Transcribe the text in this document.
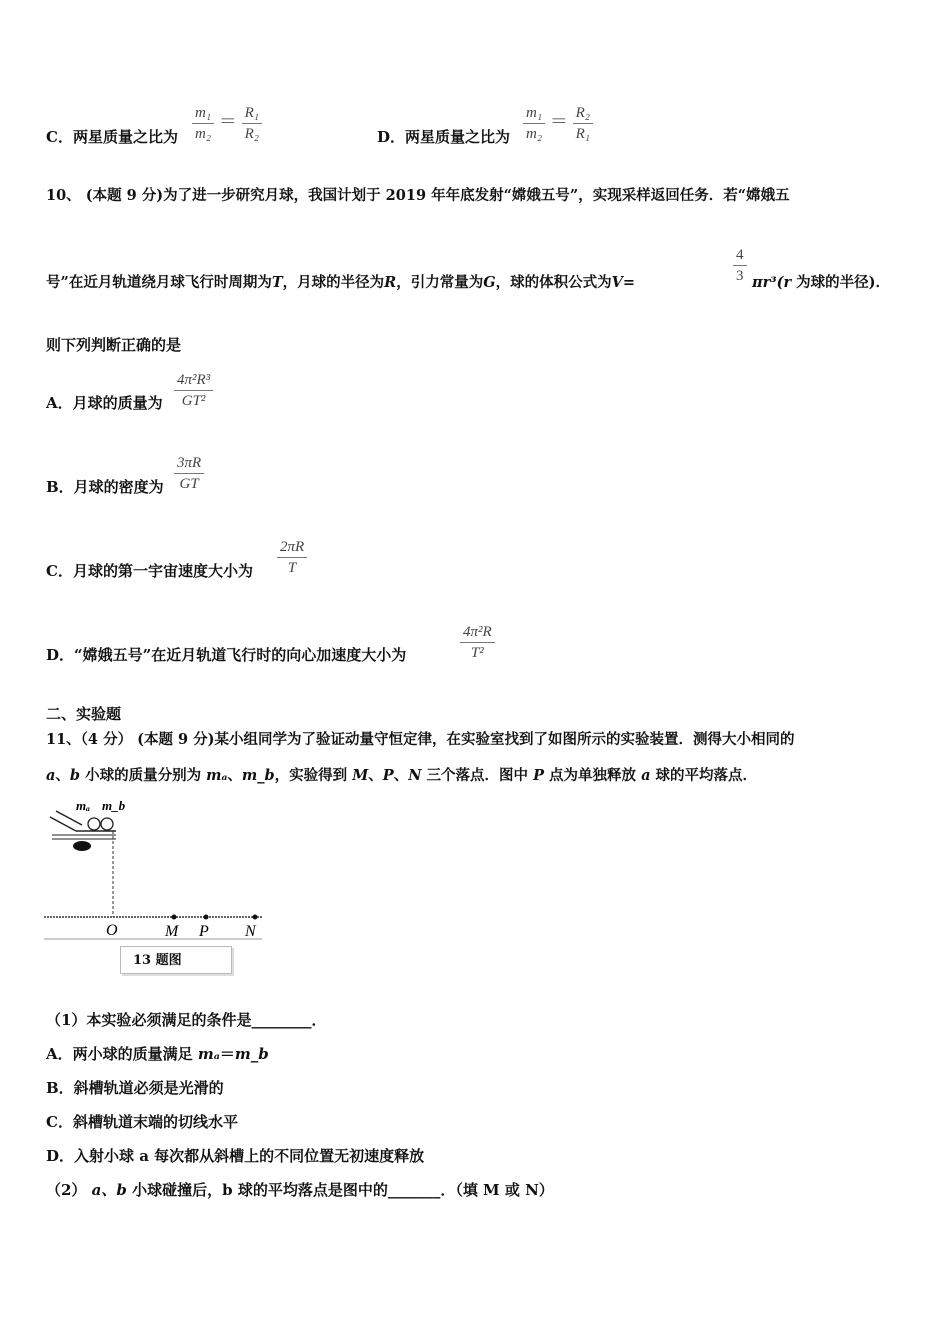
C．两星质量之比为 $\frac{\text{m₁}}{\text{m₂}} = \frac{\text{R₁}}{\text{R₂}}$	D．两星质量之比为 $\frac{\text{m₁}}{\text{m₂}} = \frac{\text{R₂}}{\text{R₁}}$
10、 (本题 9 分)为了进一步研究月球，我国计划于 2019 年年底发射“嫦娥五号”，实现采样返回任务．若“嫦娥五
号”在近月轨道绕月球飞行时周期为T，月球的半径为R，引力常量为G，球的体积公式为V=	$\frac{4}{3} \pi r^3(r$ 为球的半径)．
则下列判断正确的是
A．月球的质量为 $\frac{\text{4π²R³}}{\text{GT²}}$
B．月球的密度为 $\frac{3\pi R}{GT}$
C．月球的第一宇宙速度大小为 $\frac{2\pi R}{T}$
D．“嫦娥五号”在近月轨道飞行时的向心加速度大小为	$\frac{\text{4π²R}}{\text{T²}}$
二、实验题
11、（4 分） (本题 9 分)某小组同学为了验证动量守恒定律，在实验室找到了如图所示的实验装置．测得大小相同的
a、b 小球的质量分别为 mₐ、m_b，实验得到 M、P、N 三个落点．图中 P 点为单独释放 a 球的平均落点．
mₐ m_b
O	M P N
13 题图
（1）本实验必须满足的条件是________．
A．两小球的质量满足 mₐ＝m_b
B．斜槽轨道必须是光滑的
C．斜槽轨道末端的切线水平
D．入射小球 a 每次都从斜槽上的不同位置无初速度释放
（2） a、b 小球碰撞后，b 球的平均落点是图中的_______．（填 M 或 N）
